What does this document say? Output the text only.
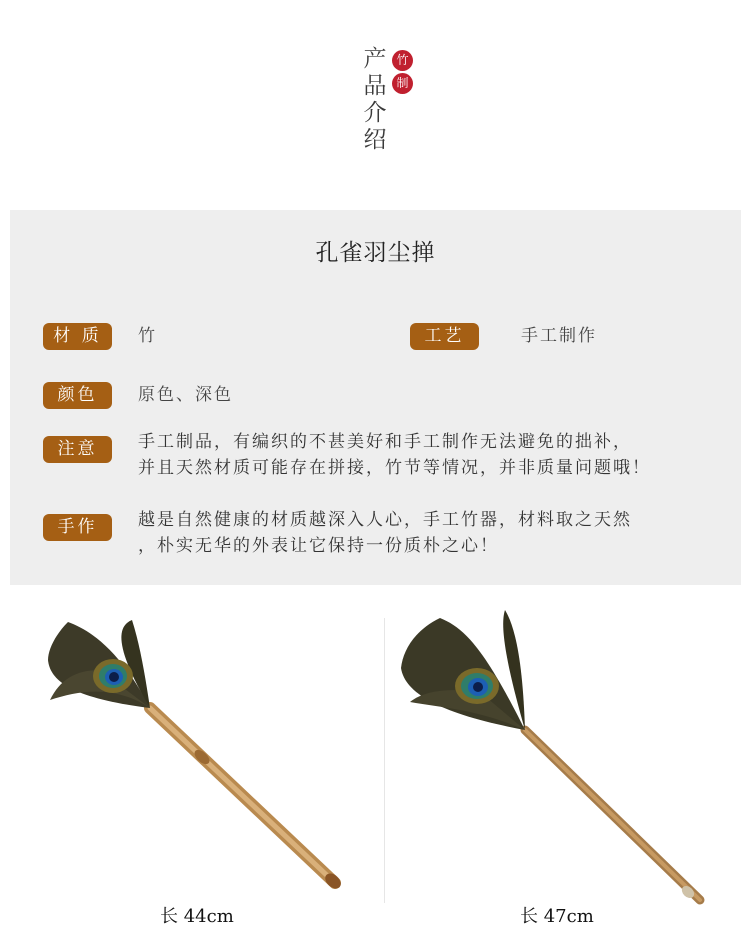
产
品
介
绍
竹
制
孔雀羽尘掸
材 质	竹	工艺	手工制作
颜色	原色、深色
注意	手工制品，有编织的不甚美好和手工制作无法避免的拙补，
并且天然材质可能存在拼接，竹节等情况，并非质量问题哦！
手作	越是自然健康的材质越深入人心，手工竹器，材料取之天然
，朴实无华的外表让它保持一份质朴之心！
长 44cm	长 47cm
